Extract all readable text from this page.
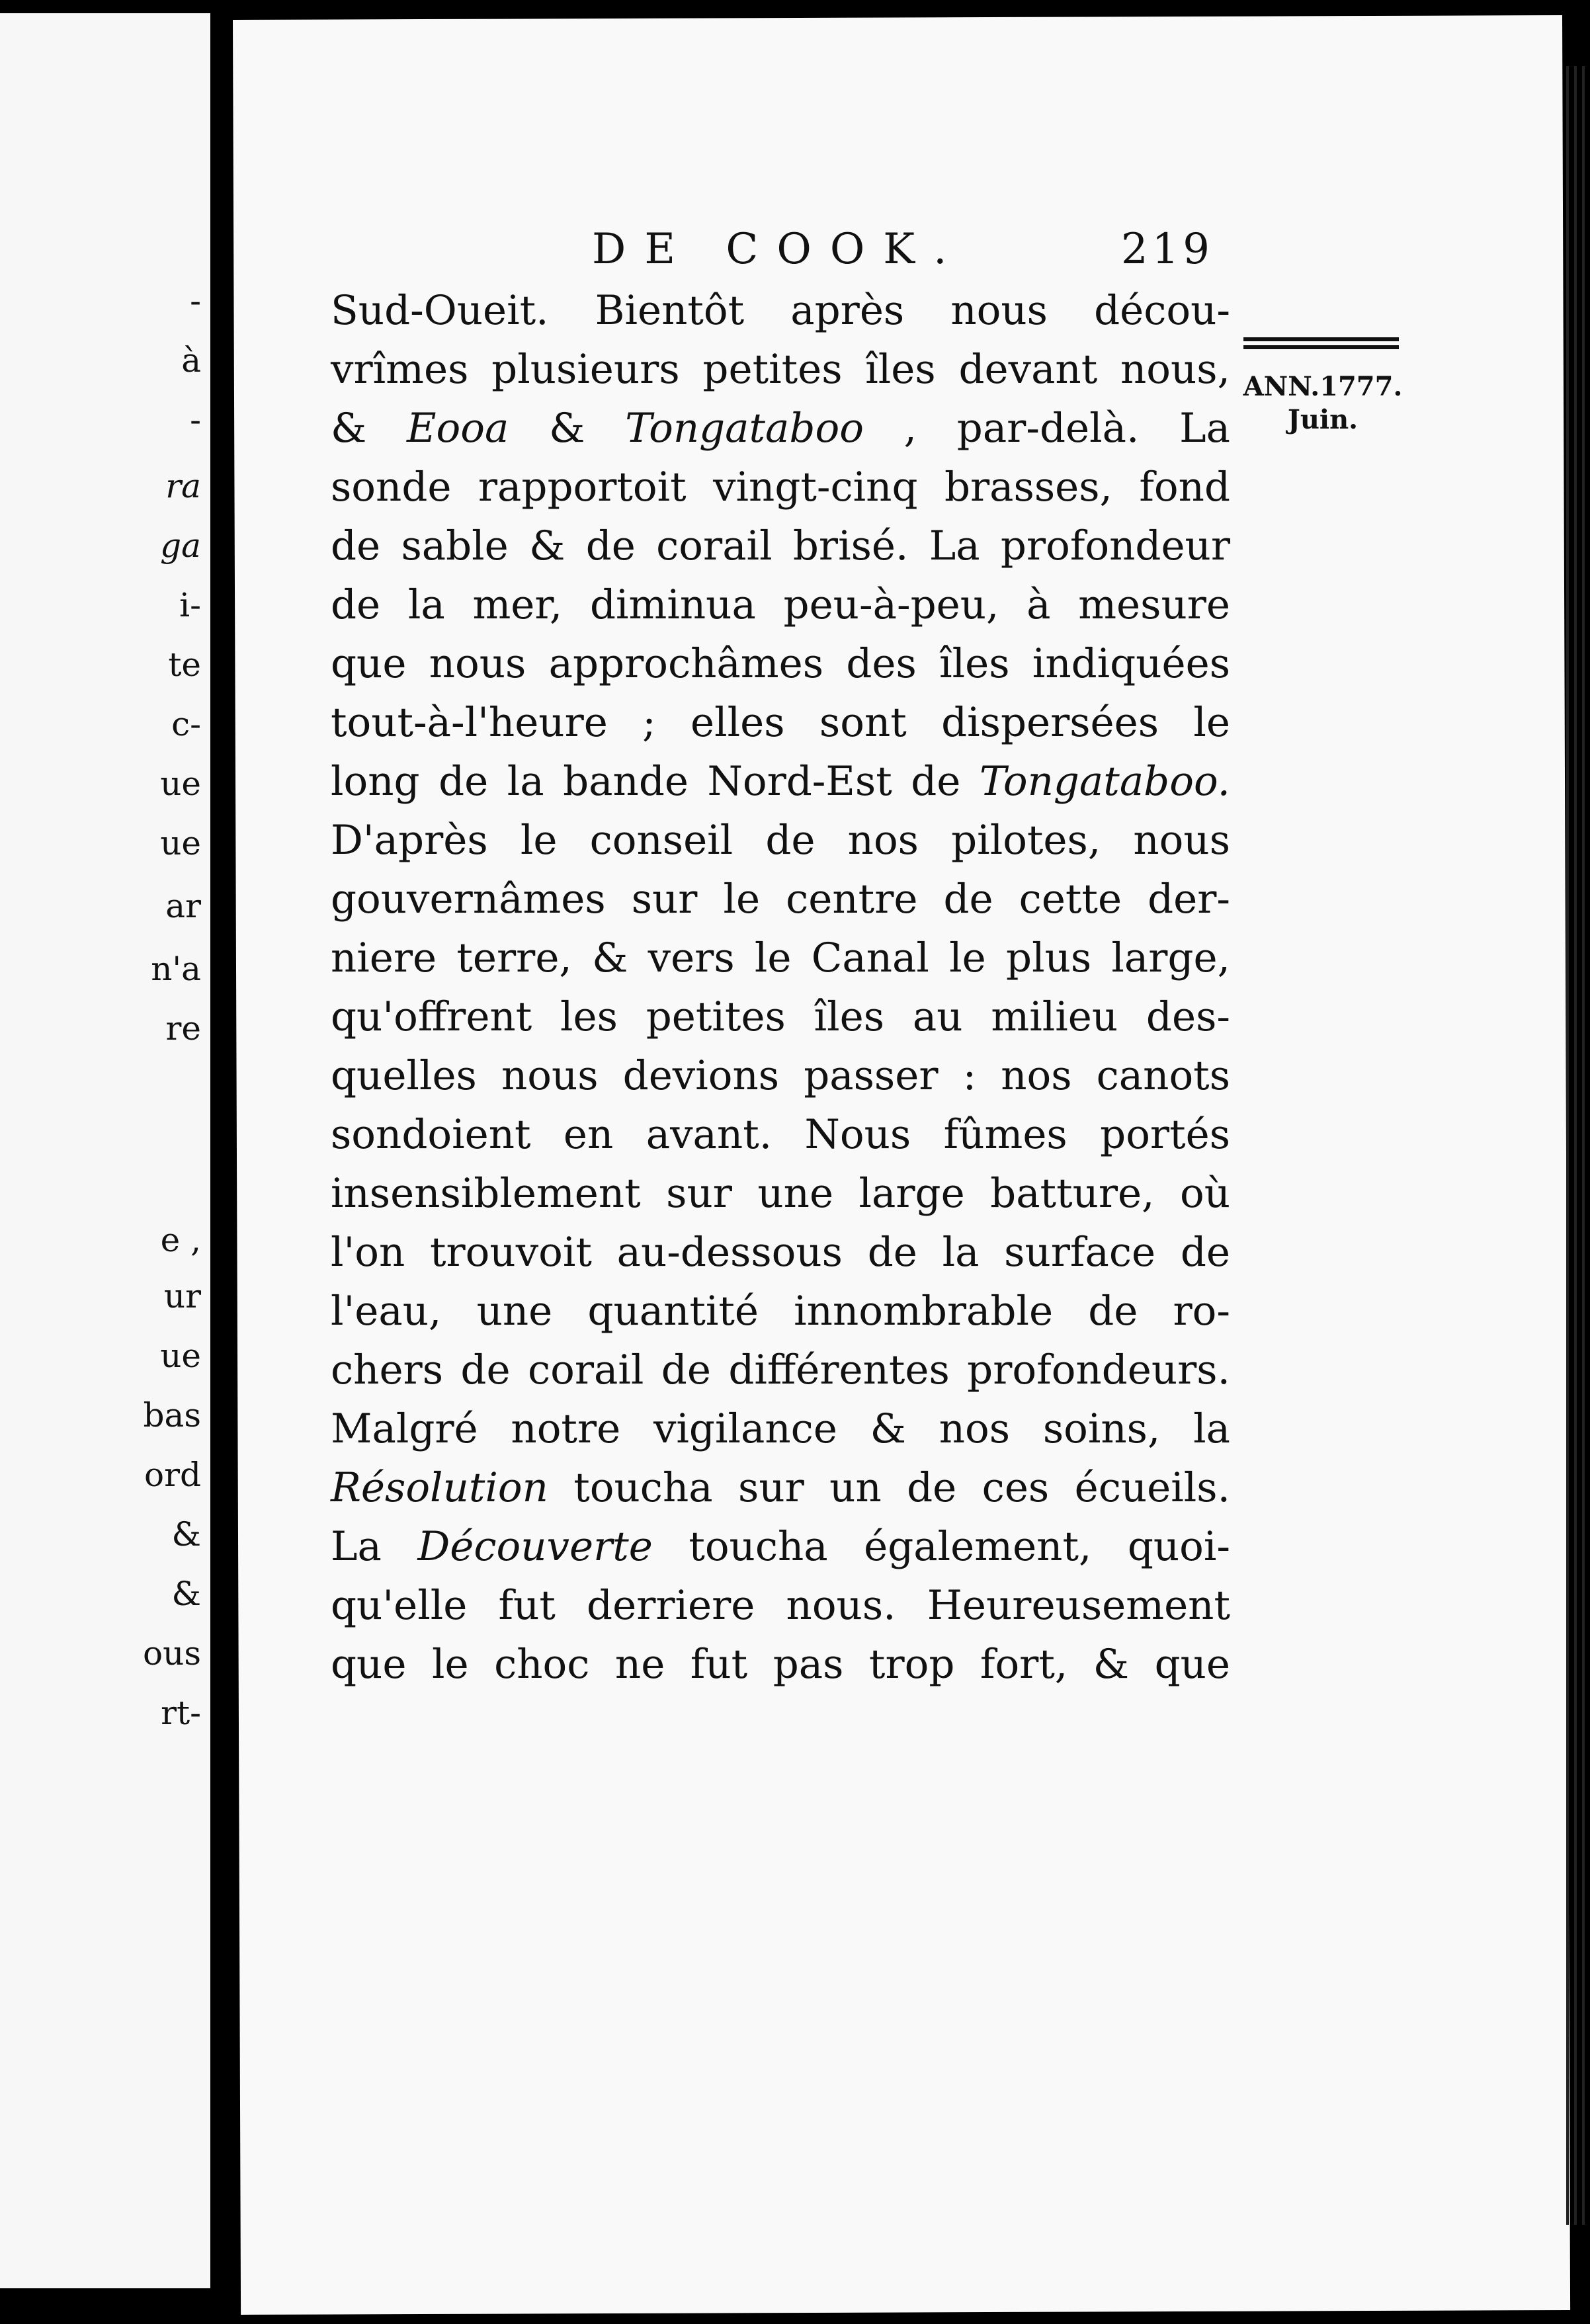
-
à
-
ra
ga
i-
te
c-
ue
ue
ar
n'a
re
e ,
ur
ue
bas
ord
&
&
ous
rt-
DE COOK.	219
ANN.1777.
Juin.
Sud-Oueit. Bientôt après nous décou-
vrîmes plusieurs petites îles devant nous,
& Eooa & Tongataboo , par-delà. La
sonde rapportoit vingt-cinq brasses, fond
de sable & de corail brisé. La profondeur
de la mer, diminua peu-à-peu, à mesure
que nous approchâmes des îles indiquées
tout-à-l'heure ; elles sont dispersées le
long de la bande Nord-Est de Tongataboo.
D'après le conseil de nos pilotes, nous
gouvernâmes sur le centre de cette der-
niere terre, & vers le Canal le plus large,
qu'offrent les petites îles au milieu des-
quelles nous devions passer : nos canots
sondoient en avant. Nous fûmes portés
insensiblement sur une large batture, où
l'on trouvoit au-dessous de la surface de
l'eau, une quantité innombrable de ro-
chers de corail de différentes profondeurs.
Malgré notre vigilance & nos soins, la
Résolution toucha sur un de ces écueils.
La Découverte toucha également, quoi-
qu'elle fut derriere nous. Heureusement
que le choc ne fut pas trop fort, & que
